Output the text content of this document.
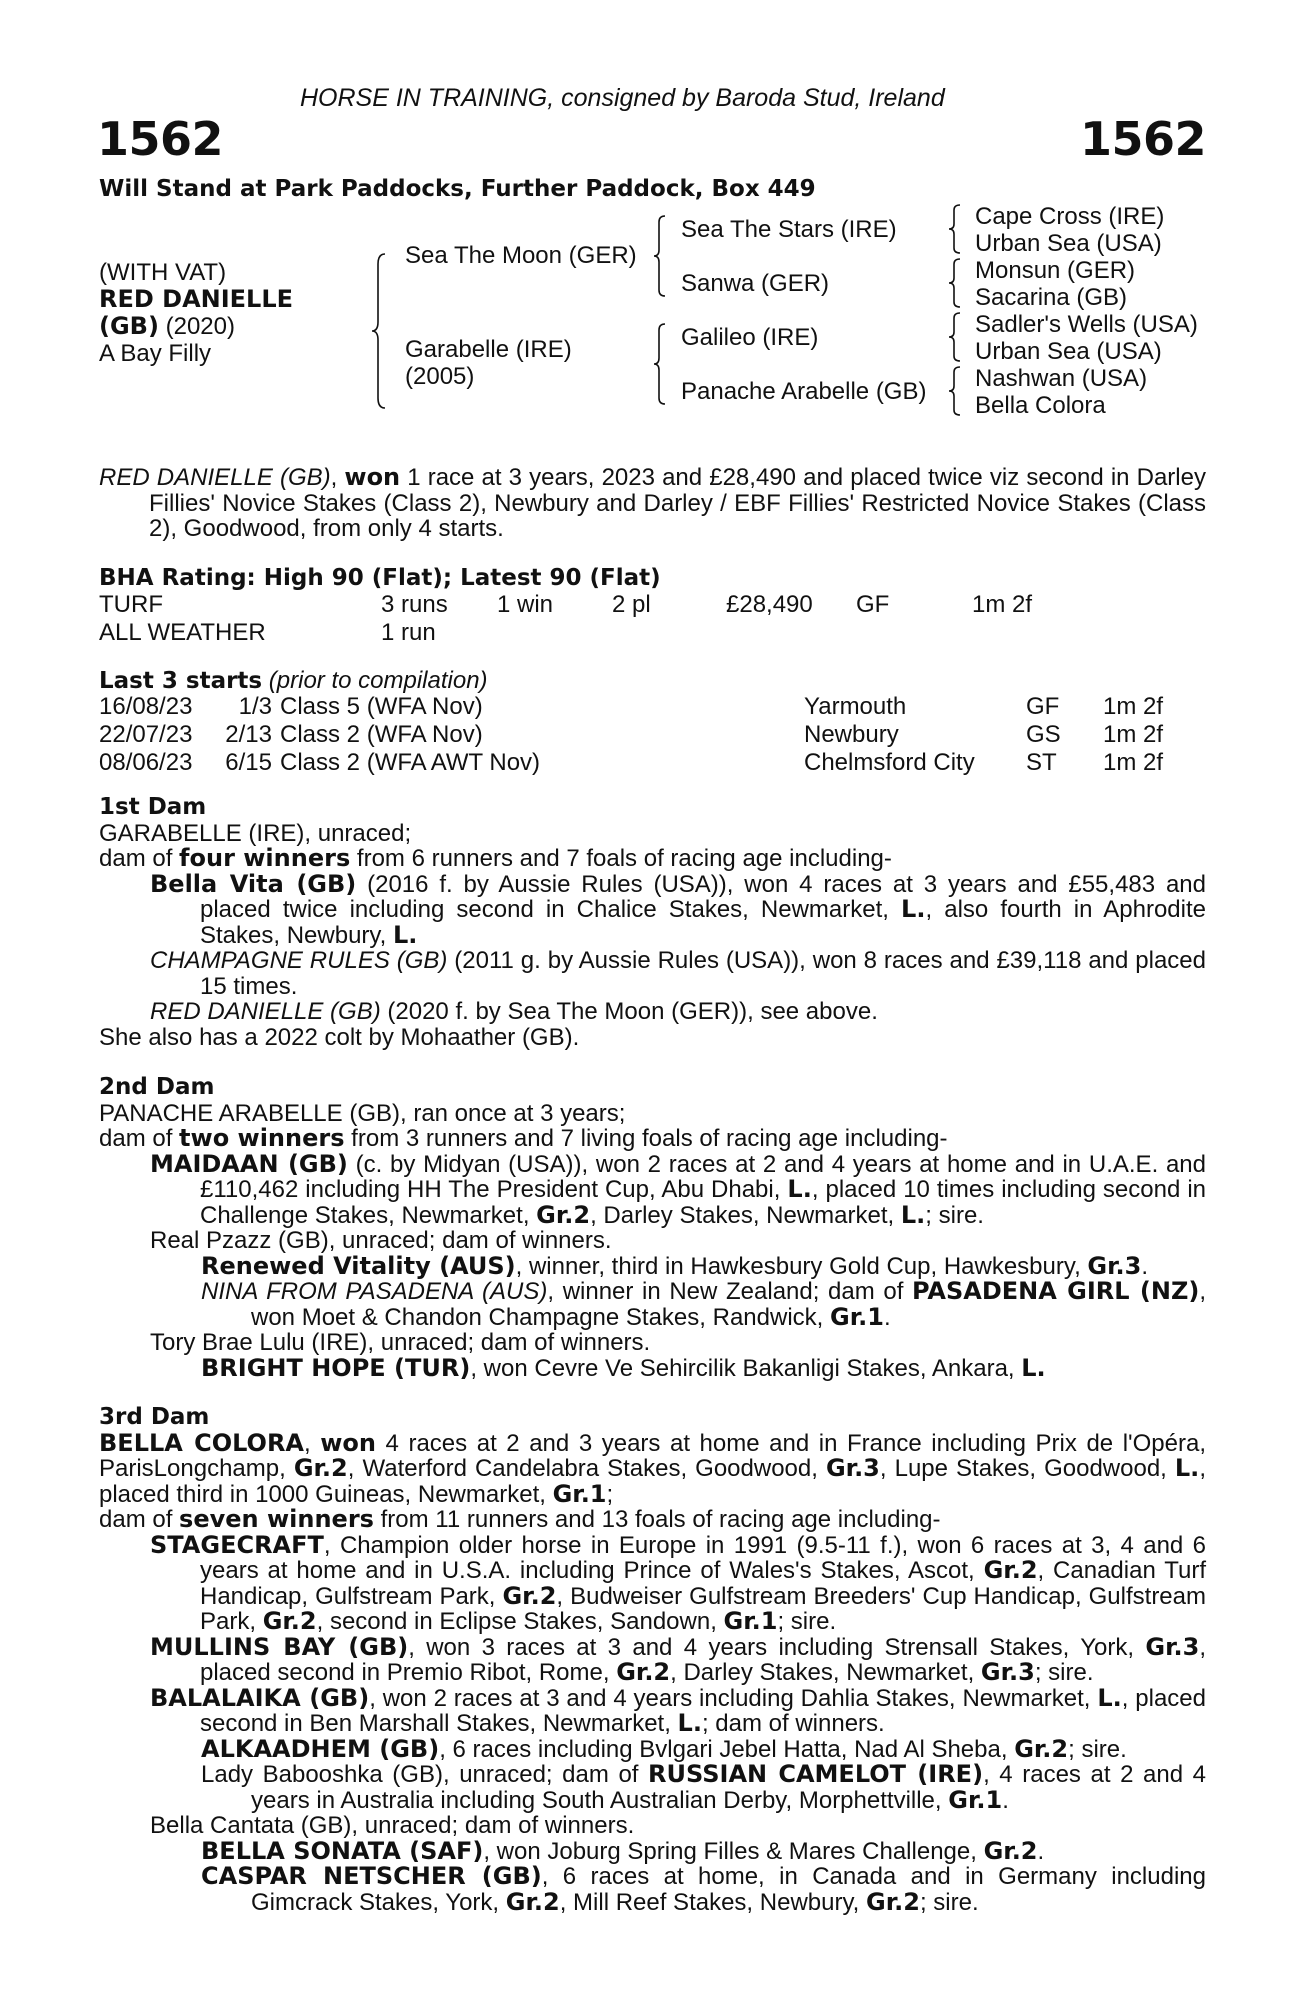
HORSE IN TRAINING, consigned by Baroda Stud, Ireland
1562	1562
Will Stand at Park Paddocks, Further Paddock, Box 449
(WITH VAT)
RED DANIELLE
(GB) (2020)
A Bay Filly
Sea The Moon (GER)
Garabelle (IRE)
(2005)
Sea The Stars (IRE)
Sanwa (GER)
Galileo (IRE)
Panache Arabelle (GB)
Cape Cross (IRE)
Urban Sea (USA)
Monsun (GER)
Sacarina (GB)
Sadler's Wells (USA)
Urban Sea (USA)
Nashwan (USA)
Bella Colora

RED DANIELLE (GB), won 1 race at 3 years, 2023 and £28,490 and placed twice viz second in Darley Fillies' Novice Stakes (Class 2), Newbury and Darley / EBF Fillies' Restricted Novice Stakes (Class 2), Goodwood, from only 4 starts.

BHA Rating: High 90 (Flat); Latest 90 (Flat)
TURF	3 runs	1 win	2 pl	£28,490	GF	1m 2f
ALL WEATHER	1 run					
Last 3 starts (prior to compilation)
16/08/23	1/3	Class 5 (WFA Nov)	Yarmouth	GF	1m 2f
22/07/23	2/13	Class 2 (WFA Nov)	Newbury	GS	1m 2f
08/06/23	6/15	Class 2 (WFA AWT Nov)	Chelmsford City	ST	1m 2f

1st Dam

GARABELLE (IRE), unraced;

dam of four winners from 6 runners and 7 foals of racing age including-

Bella Vita (GB) (2016 f. by Aussie Rules (USA)), won 4 races at 3 years and £55,483 and placed twice including second in Chalice Stakes, Newmarket, L., also fourth in Aphrodite Stakes, Newbury, L.

CHAMPAGNE RULES (GB) (2011 g. by Aussie Rules (USA)), won 8 races and £39,118 and placed 15 times.

RED DANIELLE (GB) (2020 f. by Sea The Moon (GER)), see above.

She also has a 2022 colt by Mohaather (GB).

2nd Dam

PANACHE ARABELLE (GB), ran once at 3 years;

dam of two winners from 3 runners and 7 living foals of racing age including-

MAIDAAN (GB) (c. by Midyan (USA)), won 2 races at 2 and 4 years at home and in U.A.E. and £110,462 including HH The President Cup, Abu Dhabi, L., placed 10 times including second in Challenge Stakes, Newmarket, Gr.2, Darley Stakes, Newmarket, L.; sire.

Real Pzazz (GB), unraced; dam of winners.

Renewed Vitality (AUS), winner, third in Hawkesbury Gold Cup, Hawkesbury, Gr.3.

NINA FROM PASADENA (AUS), winner in New Zealand; dam of PASADENA GIRL (NZ), won Moet & Chandon Champagne Stakes, Randwick, Gr.1.

Tory Brae Lulu (IRE), unraced; dam of winners.

BRIGHT HOPE (TUR), won Cevre Ve Sehircilik Bakanligi Stakes, Ankara, L.

3rd Dam

BELLA COLORA, won 4 races at 2 and 3 years at home and in France including Prix de l'Opéra, ParisLongchamp, Gr.2, Waterford Candelabra Stakes, Goodwood, Gr.3, Lupe Stakes, Goodwood, L., placed third in 1000 Guineas, Newmarket, Gr.1;

dam of seven winners from 11 runners and 13 foals of racing age including-

STAGECRAFT, Champion older horse in Europe in 1991 (9.5-11 f.), won 6 races at 3, 4 and 6 years at home and in U.S.A. including Prince of Wales's Stakes, Ascot, Gr.2, Canadian Turf Handicap, Gulfstream Park, Gr.2, Budweiser Gulfstream Breeders' Cup Handicap, Gulfstream Park, Gr.2, second in Eclipse Stakes, Sandown, Gr.1; sire.

MULLINS BAY (GB), won 3 races at 3 and 4 years including Strensall Stakes, York, Gr.3, placed second in Premio Ribot, Rome, Gr.2, Darley Stakes, Newmarket, Gr.3; sire.

BALALAIKA (GB), won 2 races at 3 and 4 years including Dahlia Stakes, Newmarket, L., placed second in Ben Marshall Stakes, Newmarket, L.; dam of winners.

ALKAADHEM (GB), 6 races including Bvlgari Jebel Hatta, Nad Al Sheba, Gr.2; sire.

Lady Babooshka (GB), unraced; dam of RUSSIAN CAMELOT (IRE), 4 races at 2 and 4 years in Australia including South Australian Derby, Morphettville, Gr.1.

Bella Cantata (GB), unraced; dam of winners.

BELLA SONATA (SAF), won Joburg Spring Filles & Mares Challenge, Gr.2.

CASPAR NETSCHER (GB), 6 races at home, in Canada and in Germany including Gimcrack Stakes, York, Gr.2, Mill Reef Stakes, Newbury, Gr.2; sire.
